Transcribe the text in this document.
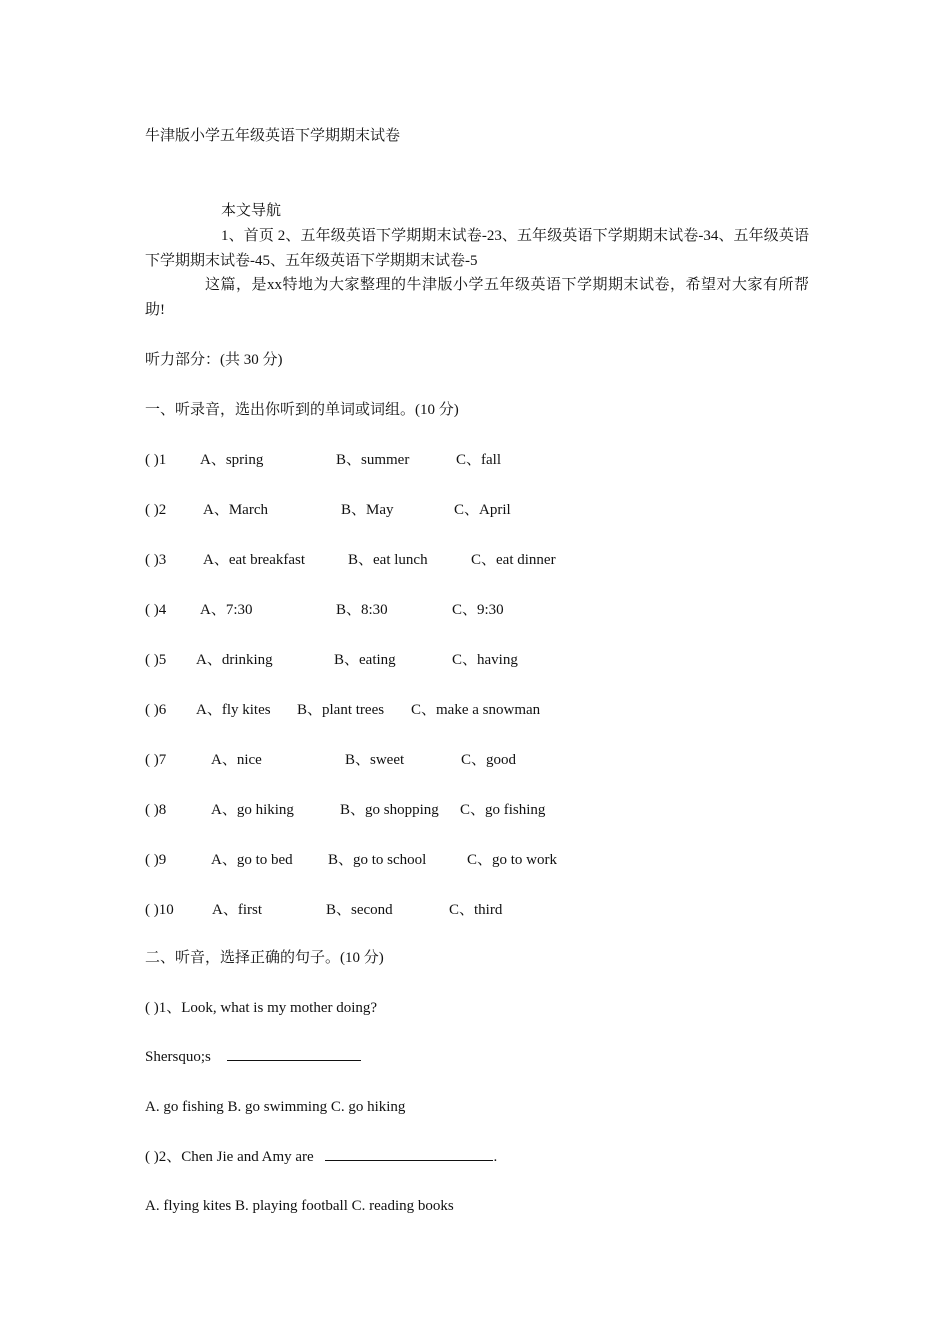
牛津版小学五年级英语下学期期末试卷
本文导航
1、首页 2、五年级英语下学期期末试卷-23、五年级英语下学期期末试卷-34、五年级英语下学期期末试卷-45、五年级英语下学期期末试卷-5
这篇，是xx特地为大家整理的牛津版小学五年级英语下学期期末试卷，希望对大家有所帮助!
听力部分：(共 30 分)
一、听录音，选出你听到的单词或词组。(10 分)
( )1 A、spring	B、summer	C、fall
( )2 A、March	B、May	C、April
( )3 A、eat breakfast	B、eat lunch	C、eat dinner
( )4 A、7:30	B、8:30	C、9:30
( )5 A、drinking	B、eating	C、having
( )6 A、fly kites B、plant trees C、make a snowman
( )7	A、nice	B、sweet	C、good
( )8	A、go hiking	B、go shopping C、go fishing
( )9	A、go to bed B、go to school	C、go to work
( )10	A、first	B、second	C、third
二、听音，选择正确的句子。(10 分)
( )1、Look, what is my mother doing?
Shersquo;s
A. go fishing B. go swimming C. go hiking
( )2、Chen Jie and Amy are	.
A. flying kites B. playing football C. reading books
